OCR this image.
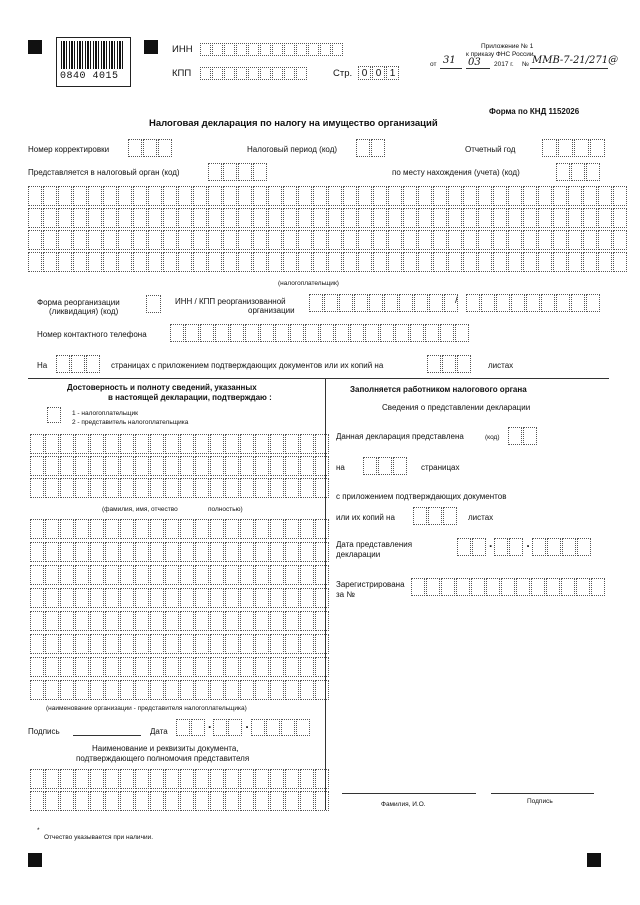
0840 4015
ИНН
КПП	Стр. 0 0 1
Приложение № 1
к приказу ФНС России
от 31 03 2017 г. № ММВ-7-21/271@
Форма по КНД 1152026
Налоговая декларация по налогу на имущество организаций
Номер корректировки	Налоговый период (код)	Отчетный год
Представляется в налоговый орган (код)	по месту нахождения (учета) (код)
(налогоплательщик)
Форма реорганизации
(ликвидация) (код)
ИНН / КПП реорганизованной
организации
/
Номер контактного телефона
На	страницах с приложением подтверждающих документов или их копий на	листах
Достоверность и полноту сведений, указанных
в настоящей декларации, подтверждаю :
1 - налогоплательщик
2 - представитель налогоплательщика
(фамилия, имя, отчество	полностью)
(наименование организации - представителя налогоплательщика)
Подпись	Дата
.	.
Наименование и реквизиты документа,
подтверждающего полномочия представителя
Заполняется работником налогового органа
Сведения о представлении декларации
Данная декларация представлена	(код)
на	страницах
с приложением подтверждающих документов
или их копий на	листах
Дата представления
декларации
.	.
Зарегистрирована
за №
Фамилия, И.О.	Подпись
*
Отчество указывается при наличии.
